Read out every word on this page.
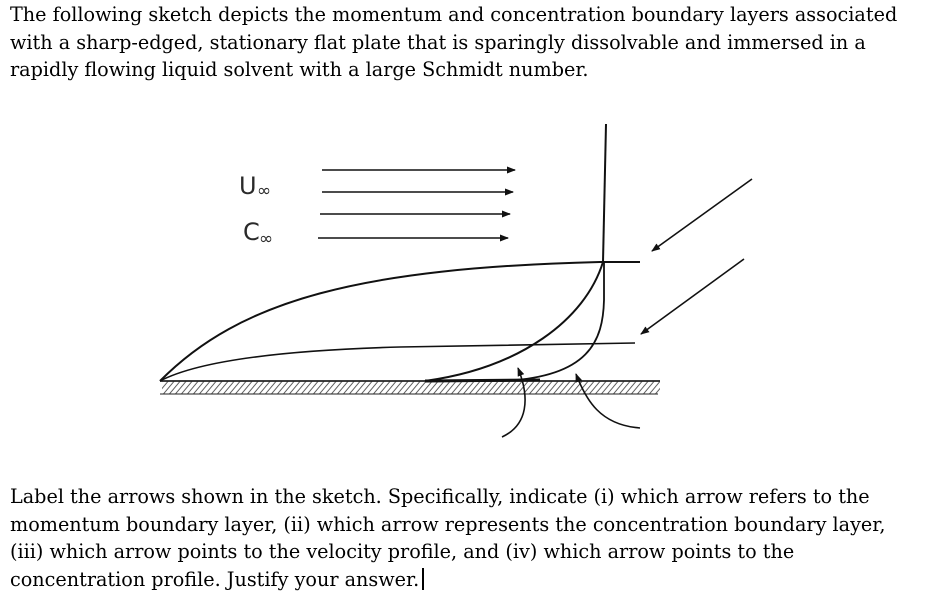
The following sketch depicts the momentum and concentration boundary layers associated
with a sharp-edged, stationary flat plate that is sparingly dissolvable and immersed in a
rapidly flowing liquid solvent with a large Schmidt number.
U ∞
C ∞
Label the arrows shown in the sketch. Specifically, indicate (i) which arrow refers to the
momentum boundary layer, (ii) which arrow represents the concentration boundary layer,
(iii) which arrow points to the velocity profile, and (iv) which arrow points to the
concentration profile. Justify your answer.
